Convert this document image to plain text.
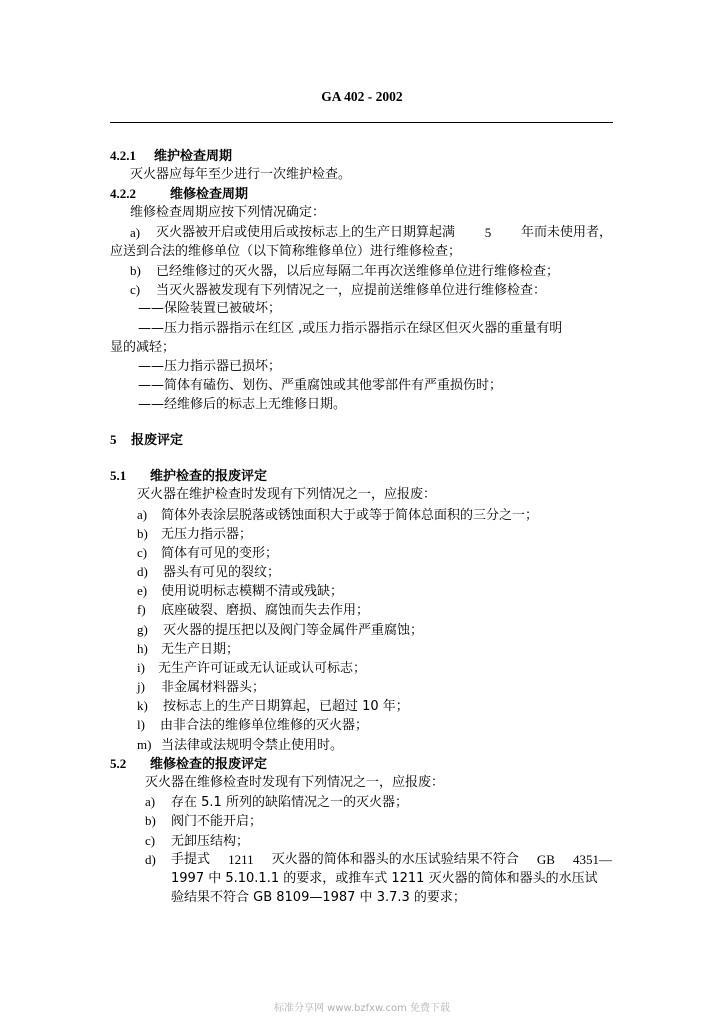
GA 402 - 2002
4.2.1 维护检查周期
灭火器应每年至少进行一次维护检查。
4.2.2	维修检查周期
维修检查周期应按下列情况确定：
a)	灭火器被开启或使用后或按标志上的生产日期算起满 5 年而未使用者，
应送到合法的维修单位（以下简称维修单位）进行维修检查；
b) 已经维修过的灭火器，以后应每隔二年再次送维修单位进行维修检查；
c) 当灭火器被发现有下列情况之一，应提前送维修单位进行维修检查：
——保险装置已被破坏；
——压力指示器指示在红区 ,或压力指示器指示在绿区但灭火器的重量有明
显的减轻；
——压力指示器已损坏；
——简体有磕伤、划伤、严重腐蚀或其他零部件有严重损伤时；
——经维修后的标志上无维修日期。
5 报废评定
5.1 维护检查的报废评定
灭火器在维护检查时发现有下列情况之一，应报废：
a) 简体外表涂层脱落或锈蚀面积大于或等于简体总面积的三分之一；
b) 无压力指示器；
c) 简体有可见的变形；
d) 器头有可见的裂纹；
e) 使用说明标志模糊不清或残缺；
f) 底座破裂、磨损、腐蚀而失去作用；
g) 灭火器的提压把以及阀门等金属件严重腐蚀；
h) 无生产日期；
i) 无生产许可证或无认证或认可标志；
j) 非金属材料器头；
k) 按标志上的生产日期算起，已超过 10 年；
l) 由非合法的维修单位维修的灭火器；
m) 当法律或法规明令禁止使用时。
5.2 维修检查的报废评定
灭火器在维修检查时发现有下列情况之一，应报废：
a) 存在 5.1 所列的缺陷情况之一的灭火器；
b) 阀门不能开启；
c) 无卸压结构；
d)	手提式 1211 灭火器的简体和器头的水压试验结果不符合 GB 4351—
1997 中 5.10.1.1 的要求，或推车式 1211 灭火器的简体和器头的水压试
验结果不符合 GB 8109—1987 中 3.7.3 的要求；
标准分享网 www.bzfxw.com 免费下载
